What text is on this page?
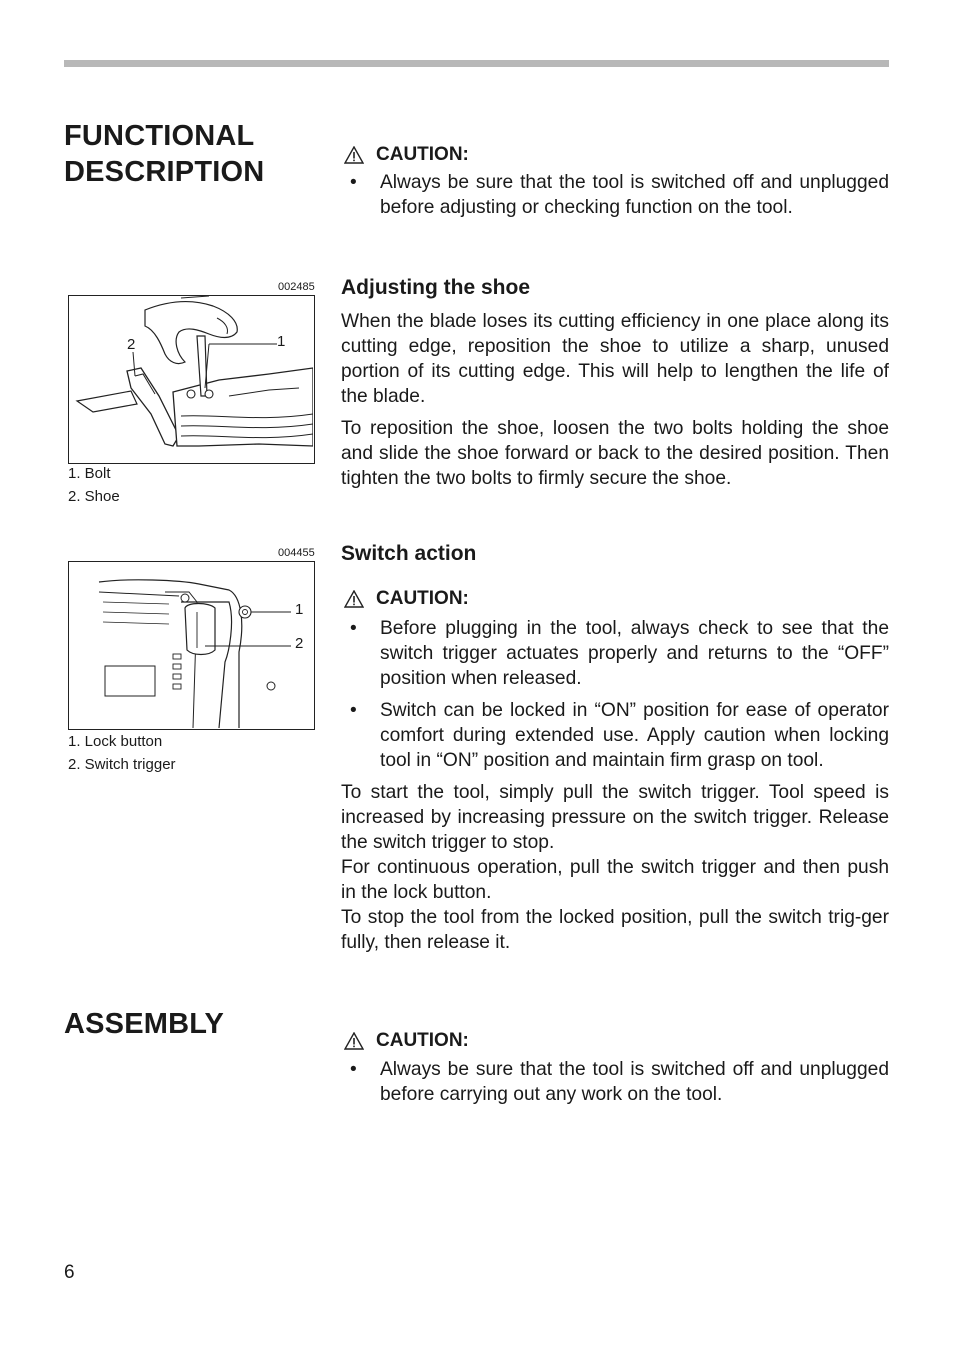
FUNCTIONAL
DESCRIPTION
CAUTION:
• Always be sure that the tool is switched off and unplugged before adjusting or checking function on the tool.
002485
2	1
1. Bolt
2. Shoe
Adjusting the shoe
When the blade loses its cutting efficiency in one place along its cutting edge, reposition the shoe to utilize a sharp, unused portion of its cutting edge. This will help to lengthen the life of the blade.
To reposition the shoe, loosen the two bolts holding the shoe and slide the shoe forward or back to the desired position. Then tighten the two bolts to firmly secure the shoe.
004455
1
2
1. Lock button
2. Switch trigger
Switch action
CAUTION:
• Before plugging in the tool, always check to see that the switch trigger actuates properly and returns to the “OFF” position when released.
• Switch can be locked in “ON” position for ease of operator comfort during extended use. Apply caution when locking tool in “ON” position and maintain firm grasp on tool.
To start the tool, simply pull the switch trigger. Tool speed is increased by increasing pressure on the switch trigger. Release the switch trigger to stop.
For continuous operation, pull the switch trigger and then push in the lock button.
To stop the tool from the locked position, pull the switch trig-ger fully, then release it.
ASSEMBLY
CAUTION:
• Always be sure that the tool is switched off and unplugged before carrying out any work on the tool.
6
